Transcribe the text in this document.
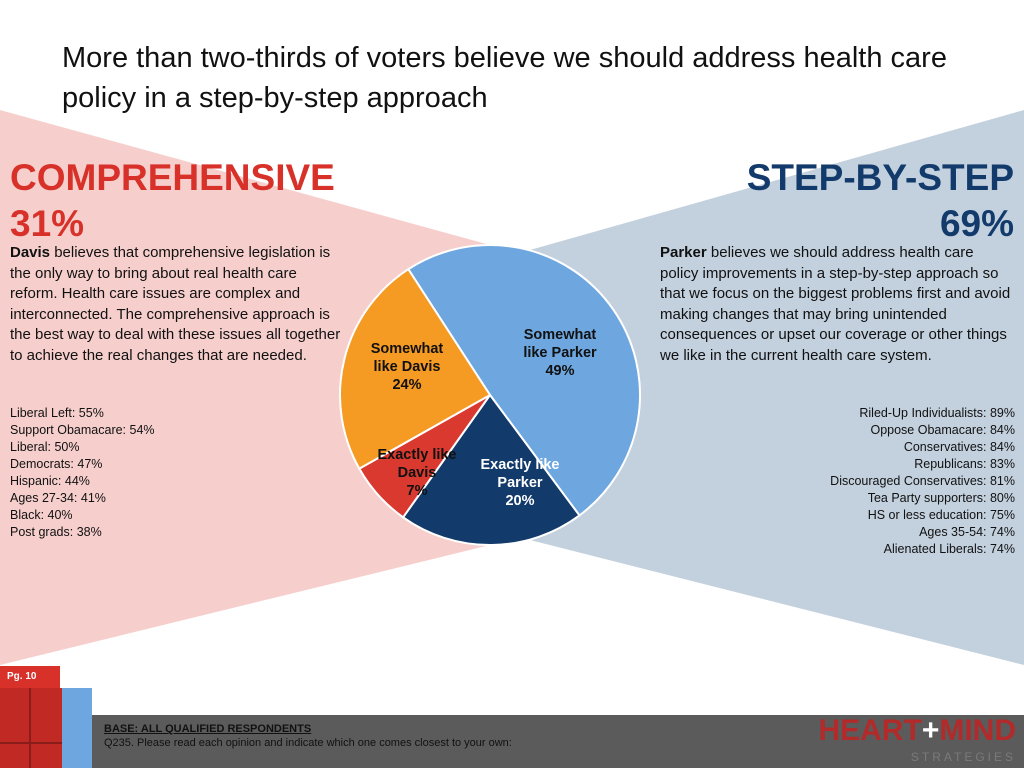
More than two-thirds of voters believe we should address health care policy in a step-by-step approach
COMPREHENSIVE
31%
STEP-BY-STEP
69%
Davis believes that comprehensive legislation is the only way to bring about real health care reform. Health care issues are complex and interconnected. The comprehensive approach is the best way to deal with these issues all together to achieve the real changes that are needed.
Parker believes we should address health care policy improvements in a step-by-step approach so that we focus on the biggest problems first and avoid making changes that may bring unintended consequences or upset our coverage or other things we like in the current health care system.
Liberal Left: 55%
Support Obamacare: 54%
Liberal: 50%
Democrats: 47%
Hispanic: 44%
Ages 27-34: 41%
Black: 40%
Post grads: 38%
Riled-Up Individualists: 89%
Oppose Obamacare: 84%
Conservatives: 84%
Republicans: 83%
Discouraged Conservatives: 81%
Tea Party supporters: 80%
HS or less education: 75%
Ages 35-54: 74%
Alienated Liberals: 74%
Somewhat
like Parker
49%
Exactly like
Parker
20%
Exactly like
Davis
7%
Somewhat
like Davis
24%
Pg. 10
BASE: ALL QUALIFIED RESPONDENTS
Q235. Please read each opinion and indicate which one comes closest to your own:	HEART+MIND
STRATEGIES
